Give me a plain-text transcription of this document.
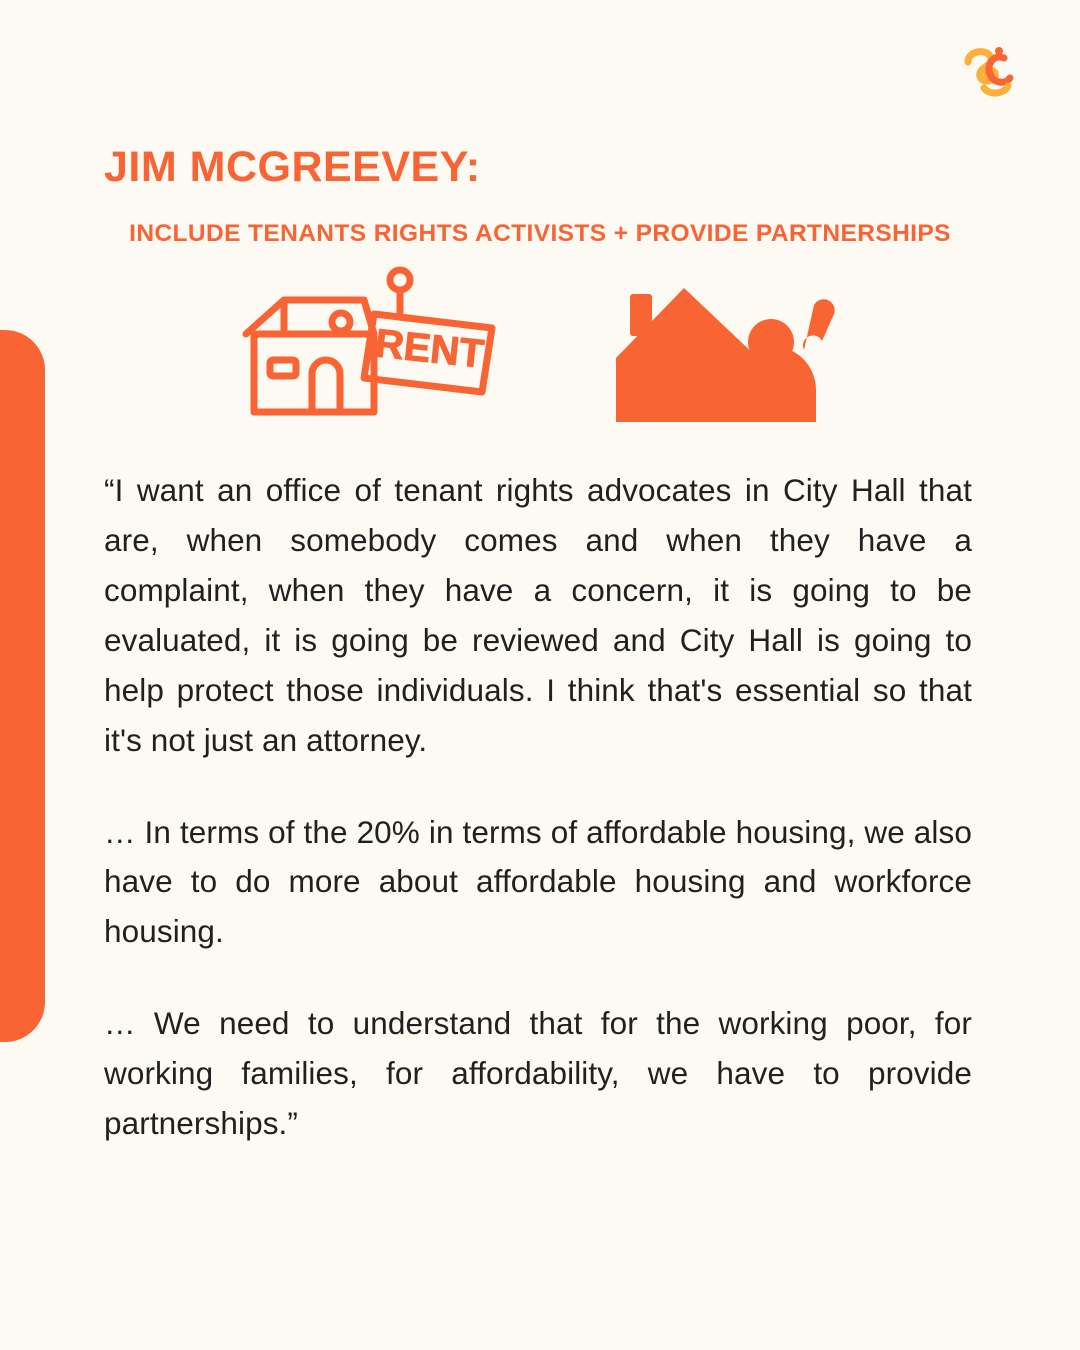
JIM MCGREEVEY:
INCLUDE TENANTS RIGHTS ACTIVISTS + PROVIDE PARTNERSHIPS
RENT

“I want an office of tenant rights advocates in City Hall that are, when somebody comes and when they have a complaint, when they have a concern, it is going to be evaluated, it is going be reviewed and City Hall is going to help protect those individuals. I think that's essential so that it's not just an attorney.

… In terms of the 20% in terms of affordable housing, we also have to do more about affordable housing and workforce housing.

… We need to understand that for the working poor, for working families, for affordability, we have to provide partnerships.”
